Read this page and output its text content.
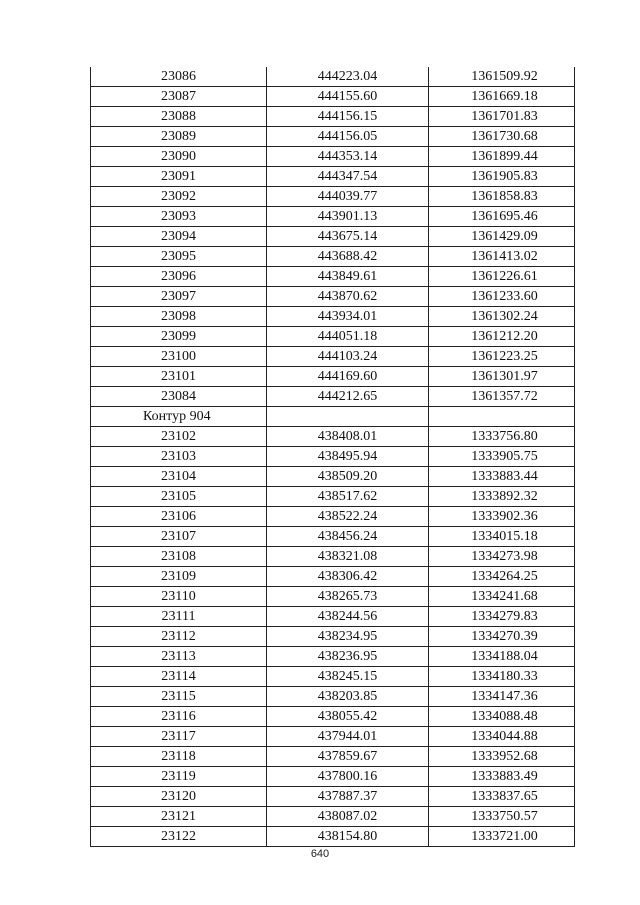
23086	444223.04	1361509.92
23087	444155.60	1361669.18
23088	444156.15	1361701.83
23089	444156.05	1361730.68
23090	444353.14	1361899.44
23091	444347.54	1361905.83
23092	444039.77	1361858.83
23093	443901.13	1361695.46
23094	443675.14	1361429.09
23095	443688.42	1361413.02
23096	443849.61	1361226.61
23097	443870.62	1361233.60
23098	443934.01	1361302.24
23099	444051.18	1361212.20
23100	444103.24	1361223.25
23101	444169.60	1361301.97
23084	444212.65	1361357.72
Контур 904		
23102	438408.01	1333756.80
23103	438495.94	1333905.75
23104	438509.20	1333883.44
23105	438517.62	1333892.32
23106	438522.24	1333902.36
23107	438456.24	1334015.18
23108	438321.08	1334273.98
23109	438306.42	1334264.25
23110	438265.73	1334241.68
23111	438244.56	1334279.83
23112	438234.95	1334270.39
23113	438236.95	1334188.04
23114	438245.15	1334180.33
23115	438203.85	1334147.36
23116	438055.42	1334088.48
23117	437944.01	1334044.88
23118	437859.67	1333952.68
23119	437800.16	1333883.49
23120	437887.37	1333837.65
23121	438087.02	1333750.57
23122	438154.80	1333721.00
640
